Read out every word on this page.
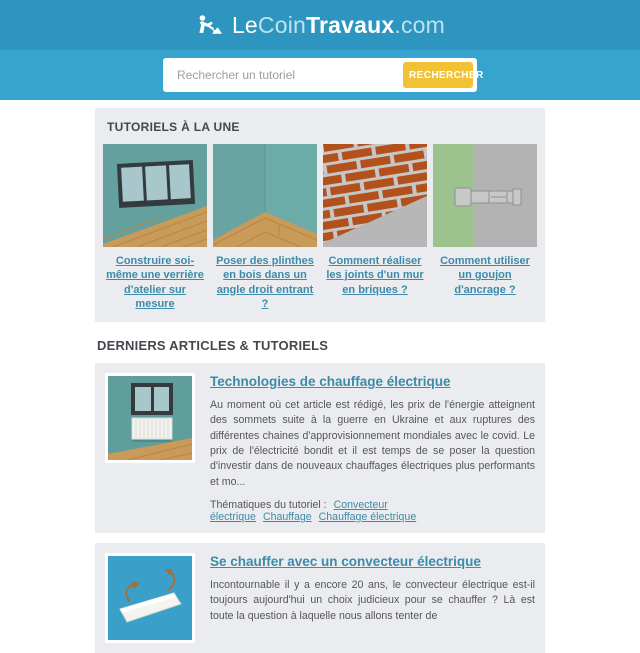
LeCoinTravaux.com
Rechercher un tutoriel
RECHERCHER
TUTORIELS À LA UNE
Construire soi-même une verrière d'atelier sur mesure
Poser des plinthes en bois dans un angle droit entrant ?
Comment réaliser les joints d'un mur en briques ?
Comment utiliser un goujon d'ancrage ?
DERNIERS ARTICLES & TUTORIELS
Technologies de chauffage électrique
Au moment où cet article est rédigé, les prix de l'énergie atteignent des sommets suite à la guerre en Ukraine et aux ruptures des différentes chaines d'approvisionnement mondiales avec le covid. Le prix de l'électricité bondit et il est temps de se poser la question d'investir dans de nouveaux chauffages électriques plus performants et mo...
Thématiques du tutoriel : Convecteur électrique Chauffage Chauffage électrique
Se chauffer avec un convecteur électrique
Incontournable il y a encore 20 ans, le convecteur électrique est-il toujours aujourd'hui un choix judicieux pour se chauffer ? Là est toute la question à laquelle nous allons tenter de
